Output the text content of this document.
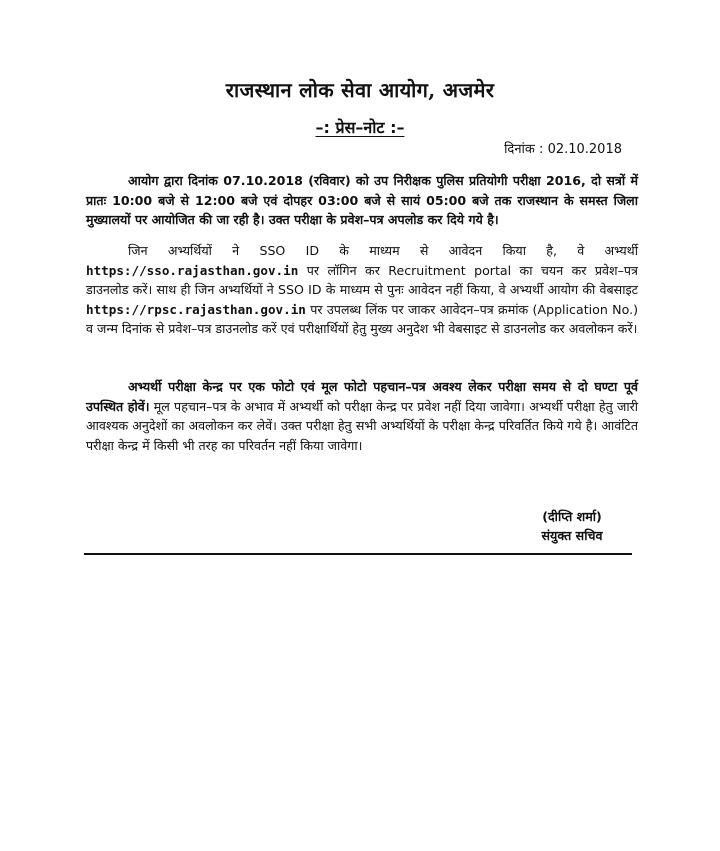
राजस्थान लोक सेवा आयोग, अजमेर
–: प्रेस–नोट :–
दिनांक : 02.10.2018
आयोग द्वारा दिनांक 07.10.2018 (रविवार) को उप निरीक्षक पुलिस प्रतियोगी परीक्षा 2016, दो सत्रों में प्रातः 10:00 बजे से 12:00 बजे एवं दोपहर 03:00 बजे से सायं 05:00 बजे तक राजस्थान के समस्त जिला मुख्यालयों पर आयोजित की जा रही है। उक्त परीक्षा के प्रवेश–पत्र अपलोड कर दिये गये है।
जिन अभ्यर्थियों ने SSO ID के माध्यम से आवेदन किया है, वे अभ्यर्थी https://sso.rajasthan.gov.in पर लॉगिन कर Recruitment portal का चयन कर प्रवेश–पत्र डाउनलोड करें। साथ ही जिन अभ्यर्थियों ने SSO ID के माध्यम से पुनः आवेदन नहीं किया, वे अभ्यर्थी आयोग की वेबसाइट https://rpsc.rajasthan.gov.in पर उपलब्ध लिंक पर जाकर आवेदन–पत्र क्रमांक (Application No.) व जन्म दिनांक से प्रवेश–पत्र डाउनलोड करें एवं परीक्षार्थियों हेतु मुख्य अनुदेश भी वेबसाइट से डाउनलोड कर अवलोकन करें।
अभ्यर्थी परीक्षा केन्द्र पर एक फोटो एवं मूल फोटो पहचान–पत्र अवश्य लेकर परीक्षा समय से दो घण्टा पूर्व उपस्थित होवें। मूल पहचान–पत्र के अभाव में अभ्यर्थी को परीक्षा केन्द्र पर प्रवेश नहीं दिया जावेगा। अभ्यर्थी परीक्षा हेतु जारी आवश्यक अनुदेशों का अवलोकन कर लेवें। उक्त परीक्षा हेतु सभी अभ्यर्थियों के परीक्षा केन्द्र परिवर्तित किये गये है। आवंटित परीक्षा केन्द्र में किसी भी तरह का परिवर्तन नहीं किया जावेगा।
(दीप्ति शर्मा)
संयुक्त सचिव
